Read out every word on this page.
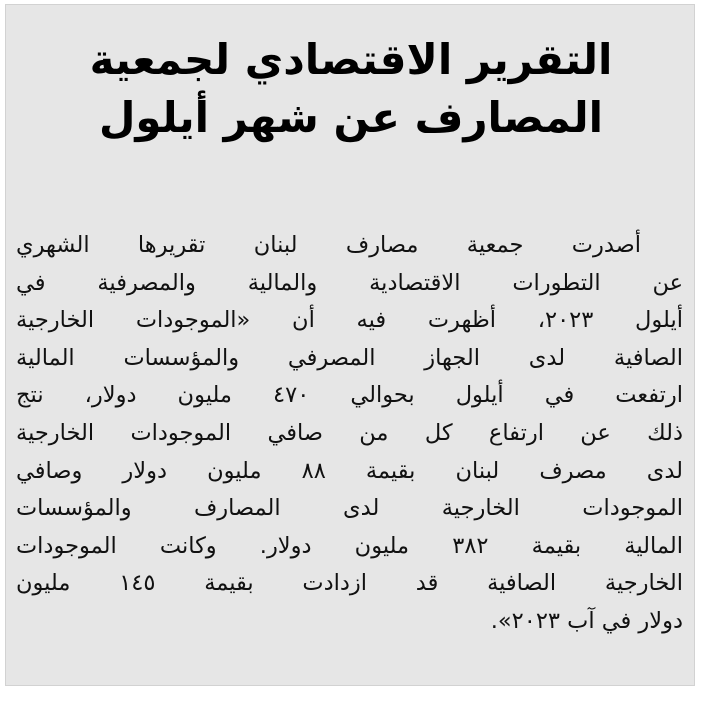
التقرير الاقتصادي لجمعية
المصارف عن شهر أيلول
أصدرت جمعية مصارف لبنان تقريرها الشهري
عن التطورات الاقتصادية والمالية والمصرفية في
أيلول ٢٠٢٣، أظهرت فيه أن «الموجودات الخارجية
الصافية لدى الجهاز المصرفي والمؤسسات المالية
ارتفعت في أيلول بحوالي ٤٧٠ مليون دولار، نتج
ذلك عن ارتفاع كل من صافي الموجودات الخارجية
لدى مصرف لبنان بقيمة ٨٨ مليون دولار وصافي
الموجودات الخارجية لدى المصارف والمؤسسات
المالية بقيمة ٣٨٢ مليون دولار. وكانت الموجودات
الخارجية الصافية قد ازدادت بقيمة ١٤٥ مليون
دولار في آب ٢٠٢٣».
